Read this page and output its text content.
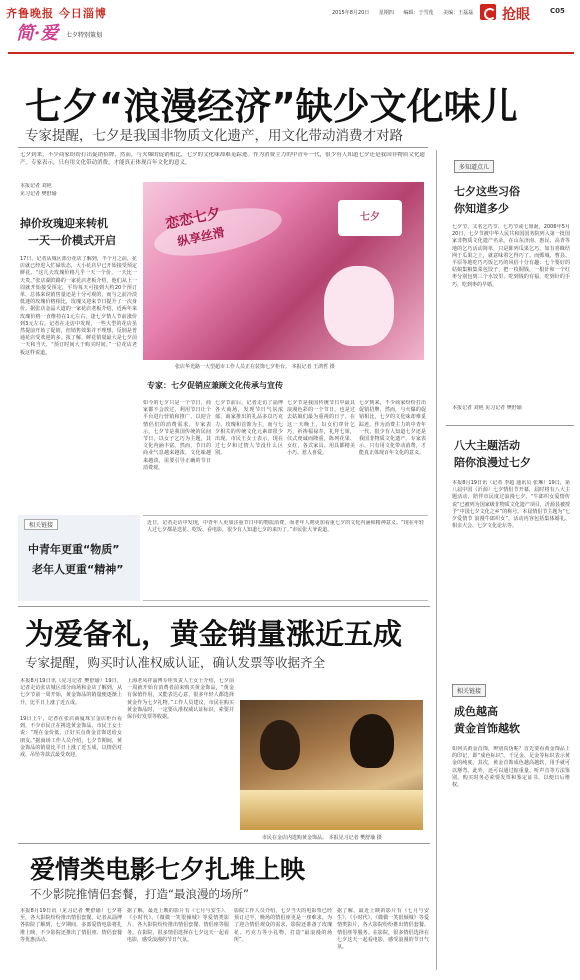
齐鲁晚报 今日淄博	2015年8月20日 星期四 编辑：于雪莲 美编：王磊磊	抢眼	C05
简·爱 七夕特别策划
七夕“浪漫经济”缺少文化味儿
专家提醒，七夕是我国非物质文化遗产，用文化带动消费才对路
七夕到来，不少商家纷纷打出促销招牌，然而，与火爆的促销相比，七夕的文化味却难觅踪迹。作为消费主力的中青年一代，很少有人知道七夕还是我国非物质文化遗产。专家表示，只有用文化带动消费，才能真正体现百年文化的意义。
本报记者 刘艳
见习记者 樊舒瑜
掉价玫瑰迎来转机
一天一价模式开启
17日，记者从城区部分花店了解到，半个月之前，花店就已经进入忙碌状态，大小花店早已开始接受预定鲜花。“这几天玫瑰价格几乎一天一个价，一天比一天贵。”张店湖滨路的一家花店老板介绍，他们从上一周就开始接受预定，平均每天可接到大约20个预订单，总体来说销售量还是十分可观的，而与之前冷淡低迷的玫瑰价格相比，玫瑰又迎来节日提升了一次身价。据张店金晶大道的一家花店老板介绍，近两年来玫瑰价格一直维持在1元左右，逢七夕情人节前涨价到3元左右。记者在走访中发现，一些大型的花店虽然提前开始了促销，但销售效果并不理想，反倒是普通花店受欢迎的多。报了解，鲜花销量最大是七夕前一天和当天，“预订时间大于购买时间。”一位花店老板这样说道。
恋恋七夕
纵享丝滑
七夕
张店华光路一大型超市工作人员正在装饰七夕柜台。 本报记者 王鸿哲 摄
专家：七夕促销应兼顾文化传承与宣传
如今的七夕只是一个节日，商家都不会放过，利用节日让个平台进行营销和推广，以迎合情侣们的消费需求。专家表示，七夕节是我国传统的民间节日，以女子乞巧为主题，其文化内涵丰富。然而，节日的商业气息越来越浓，文化味越来越淡，需要引导正确的节日消费观。
七夕节前后，记者走访了淄博各大商场，发现节日气氛浓郁，商家推出的礼品多以巧克力、玫瑰和首饰为主，而与七夕相关的传统文化元素却很少出现。市民王女士表示，现在过七夕和过情人节没什么区别。
七夕节是我国传统节日中最具浪漫色彩的一个节日，也是过去姑娘们最为重视的日子。在这一天晚上，妇女们穿针乞巧，祈祷福禄寿，礼拜七姐，仪式虔诚而隆重，陈列花果、女红，各式家具、用具都精美小巧、惹人喜爱。
七夕到来，不少商家纷纷打出促销招牌，然而，与火爆的促销相比，七夕的文化味却难觅踪迹。作为消费主力的中青年一代，很少有人知道七夕还是我国非物质文化遗产。专家表示，只有用文化带动消费，才能真正体现百年文化的意义。
相关链接
中青年更重“物质”
老年人更重“精神”
近日，记者走访中发现，中青年人更加注重节日中的物质消费，而老年人则更加看重七夕的文化内涵和精神意义。“现在年轻人过七夕都是送花、吃饭、看电影，很少有人知道七夕的来历了。”市民张大爷说道。
多知道点儿
七夕这些习俗
你知道多少
七夕节，又名乞巧节、七巧节或七姐诞，2006年5月20日，七夕节被中华人民共和国国务院列入第一批国家非物质文化遗产名录。在山东济南、惠民、高青等地的乞巧活动简单，只是陈列瓜果乞巧，如有喜蛛结网于瓜果之上，就意味着乞得巧了。而鄄城、曹县、平原等地吃巧巧饭乞巧的风俗十分有趣：七个要好的姑娘集粮集菜包饺子，把一枚铜钱、一根针和一个红枣分别包到三个水饺里，吃到钱的有福，吃到针的手巧，吃到枣的早婚。
本报记者 刘艳 见习记者 樊舒瑜
八大主题活动
陪你浪漫过七夕
本报8月19日讯（记者 李超 通讯员 张琳）19日，第八届中国（沂源）七夕情侣节开幕，届时将有八大主题活动，陪伴市民度过浪漫七夕。“牛郎织女爱情传说”已被列为国家级非物质文化遗产项目，沂源县被授予“中国七夕文化之乡”的称号。本届情侣节主题为“七夕爱情节 浪漫牛郎织女”，活动内容包括集体婚礼、相亲大会、七夕文化论坛等。
相关链接
成色越高
黄金首饰越软
如何买黄金首饰，辨别真伪呢？首先要看黄金饰品上的印记，即“成色标识”。千足金、足金等标识表示黄金的纯度。其次，黄金首饰成色越高越软，用手就可以掰弯。此外，还可以通过掂重量、听声音等方法鉴别。购买时务必索要发票和鉴定证书，以便日后维权。
为爱备礼，黄金销量涨近五成
专家提醒，购买时认准权威认证，确认发票等收据齐全
本报8月19日讯（见习记者 樊舒瑜）19日，记者走访张店城区部分商场和金店了解到，从七夕节前一周开始，黄金饰品的销量便逐渐上升，比平日上涨了近五成。
19日上午，记者在张店商厦珠宝金店柜台看到，不少市民正在挑选黄金饰品。市民王女士说：“现在金价低，正好买点黄金首饰送给女朋友。”据商场工作人员介绍，七夕节期间，黄金饰品的销量比平日上涨了近五成，以情侣对戒、吊坠等款式最受欢迎。
上海老凤祥淄博专柜负责人王女士介绍，七夕前一周就开始有消费者前来购买黄金饰品，“黄金有保值作用，又能表达心意，很多年轻人都选择黄金作为七夕礼物。”工作人员建议，市民在购买黄金饰品时，一定要认准权威认证标识，索要并保存好发票等收据。
市民在金店内选购黄金饰品。 本报见习记者 樊舒瑜 摄
爱情类电影七夕扎堆上映
不少影院推情侣套餐，打造“最浪漫的场所”
本报8月19日讯（见习记者 樊舒瑜）七夕将至，各大影院纷纷推出情侣套餐。记者从淄博各影院了解到，七夕期间，多部爱情电影将扎堆上映，不少影院还推出了情侣座、情侣套餐等优惠活动。
据了解，最近上映的影片有《七月与安生》、《小时代》、《微微一笑很倾城》等爱情类影片，各大影院纷纷推出情侣套餐、情侣座等服务。在影院，很多情侣选择在七夕这天一起看电影，感受浪漫的节日气氛。
影院工作人员介绍，七夕当天的电影票已经预订过半，晚场的情侣座更是一座难求。为了迎合情侣观众的需求，影院还准备了玫瑰花、巧克力等小礼物，打造“最浪漫的场所”。
据了解，最近上映的影片有《七月与安生》、《小时代》、《微微一笑很倾城》等爱情类影片，各大影院纷纷推出情侣套餐、情侣座等服务。在影院，很多情侣选择在七夕这天一起看电影，感受浪漫的节日气氛。
